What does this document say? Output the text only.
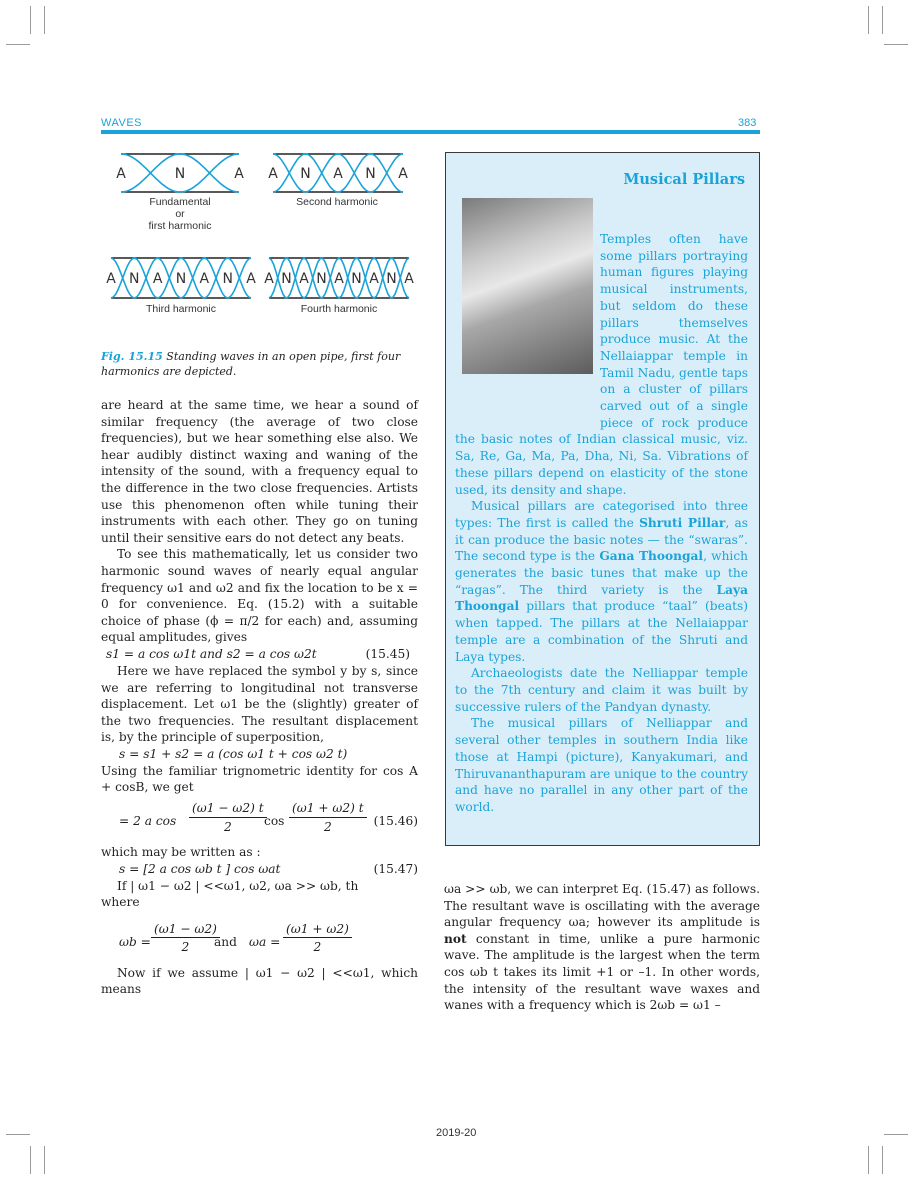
WAVES	383
A	N	A A N A N A
A N A N A N A A N A N A N A N A
Fundamental
or
first harmonic
Second harmonic
Third harmonic	Fourth harmonic
Fig. 15.15 Standing waves in an open pipe, first four harmonics are depicted.

are heard at the same time, we hear a sound of similar frequency (the average of two close frequencies), but we hear something else also. We hear audibly distinct waxing and waning of the intensity of the sound, with a frequency equal to the difference in the two close frequencies. Artists use this phenomenon often while tuning their instruments with each other. They go on tuning until their sensitive ears do not detect any beats.

To see this mathematically, let us consider two harmonic sound waves of nearly equal angular frequency ω1 and ω2 and fix the location to be x = 0 for convenience. Eq. (15.2) with a suitable choice of phase (ϕ = π/2 for each) and, assuming equal amplitudes, gives

s1 = a cos ω1t and s2 = a cos ω2t	(15.45)

Here we have replaced the symbol y by s, since we are referring to longitudinal not transverse displacement. Let ω1 be the (slightly) greater of the two frequencies. The resultant displacement is, by the principle of superposition,

s = s1 + s2 = a (cos ω1 t + cos ω2 t)

Using the familiar trignometric identity for cos A + cosB, we get

= 2 a $\cos \frac{(\omega 1 - \omega 2) t}{2}$
$\cos \frac{(\omega 1 + \omega 2) t}{2} (15.46)$

which may be written as :

s = [2 a cos ωb t ] cos ωat	(15.47)

If | ω1 − ω2 | <<ω1, ω2, ωa >> ωb, th

where

$\omega b = \frac{(\omega 1 - \omega 2)}{2}$
and $\omega a = \frac{(\omega 1 + \omega 2)}{2}$

Now if we assume | ω1 − ω2 | <<ω1, which means

Musical Pillars

Temples often have some pillars portraying human figures playing musical instruments, but seldom do these pillars themselves produce music. At the Nellaiappar temple in Tamil Nadu, gentle taps on a cluster of pillars carved out of a single piece of rock produce the basic notes of Indian classical music, viz. Sa, Re, Ga, Ma, Pa, Dha, Ni, Sa. Vibrations of these pillars depend on elasticity of the stone used, its density and shape.

Musical pillars are categorised into three types: The first is called the Shruti Pillar, as it can produce the basic notes — the “swaras”. The second type is the Gana Thoongal, which generates the basic tunes that make up the “ragas”. The third variety is the Laya Thoongal pillars that produce “taal” (beats) when tapped. The pillars at the Nellaiappar temple are a combination of the Shruti and Laya types.

Archaeologists date the Nelliappar temple to the 7th century and claim it was built by successive rulers of the Pandyan dynasty.

The musical pillars of Nelliappar and several other temples in southern India like those at Hampi (picture), Kanyakumari, and Thiruvananthapuram are unique to the country and have no parallel in any other part of the world.

ωa >> ωb, we can interpret Eq. (15.47) as follows. The resultant wave is oscillating with the average angular frequency ωa; however its amplitude is not constant in time, unlike a pure harmonic wave. The amplitude is the largest when the term cos ωb t takes its limit +1 or –1. In other words, the intensity of the resultant wave waxes and wanes with a frequency which is 2ωb = ω1 –

2019-20
